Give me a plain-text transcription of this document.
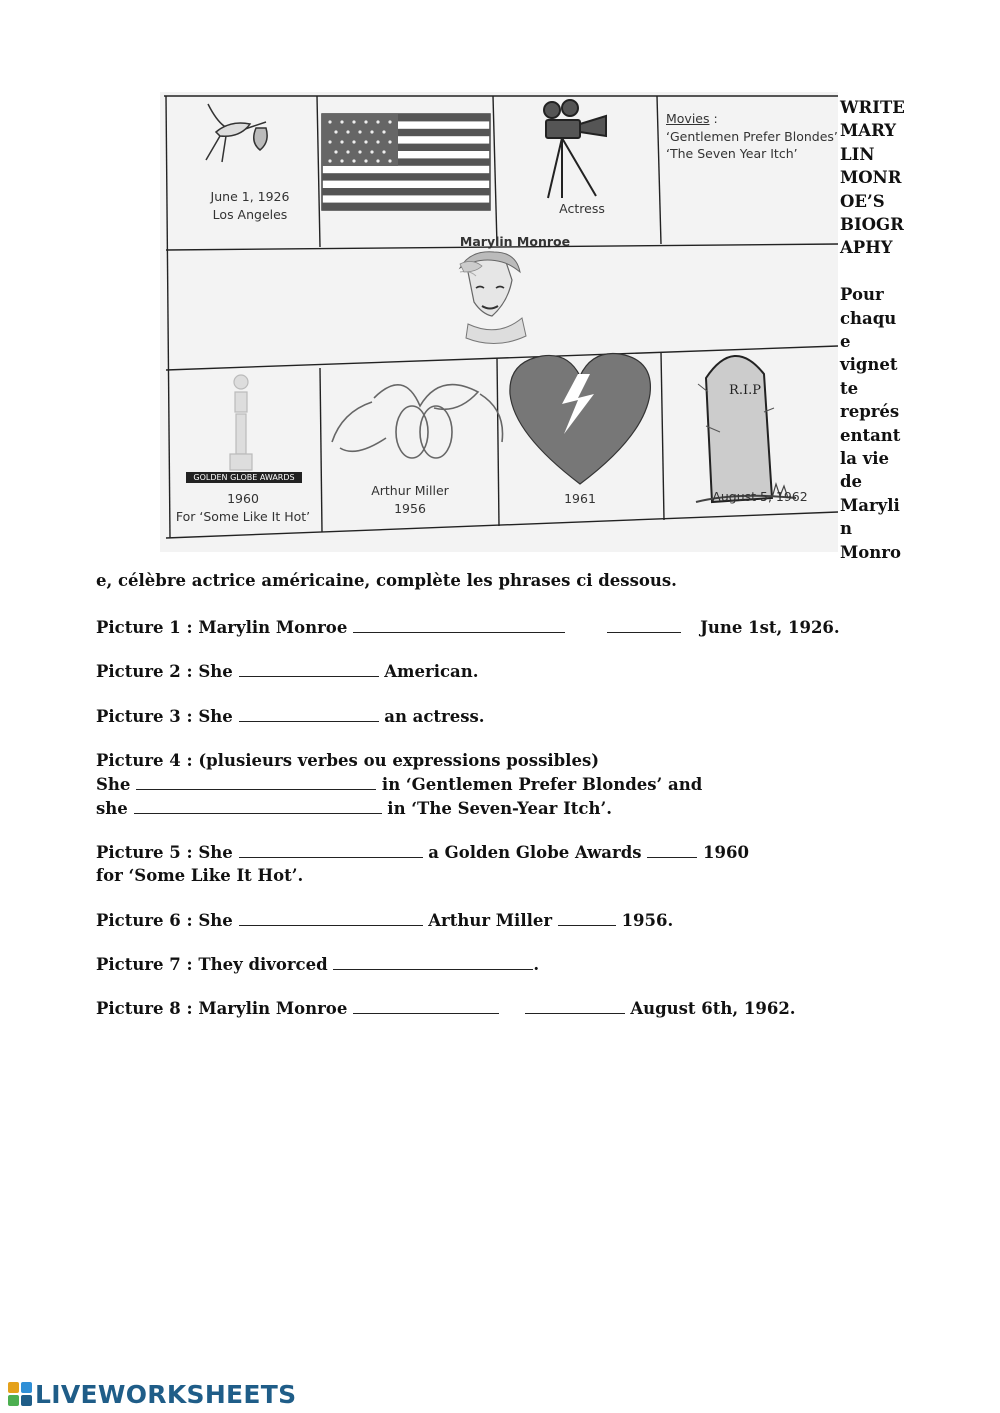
June 1, 1926
Los Angeles	Actress
Movies :
‘Gentlemen Prefer Blondes’
‘The Seven Year Itch’
Marylin Monroe
GOLDEN GLOBE AWARDS
1960
For ‘Some Like It Hot’
Arthur Miller
1956
1961	August 5, 1962
R.I.P
WRITE
MARY
LIN
MONR
OE’S
BIOGR
APHY
Pour
chaqu
e
vignet
te
représ
entant
la vie
de
Maryli
n
Monro
e, célèbre actrice américaine, complète les phrases ci dessous.
Picture 1 : Marylin Monroe	June 1st, 1926.
Picture 2 : She	American.
Picture 3 : She	an actress.
Picture 4 : (plusieurs verbes ou expressions possibles)
She	in ‘Gentlemen Prefer Blondes’ and
she	in ‘The Seven-Year Itch’.
Picture 5 : She	a Golden Globe Awards	1960
for ‘Some Like It Hot’.
Picture 6 : She	Arthur Miller	1956.
Picture 7 : They divorced	.
Picture 8 : Marylin Monroe	August 6th, 1962.
LIVEWORKSHEETS
